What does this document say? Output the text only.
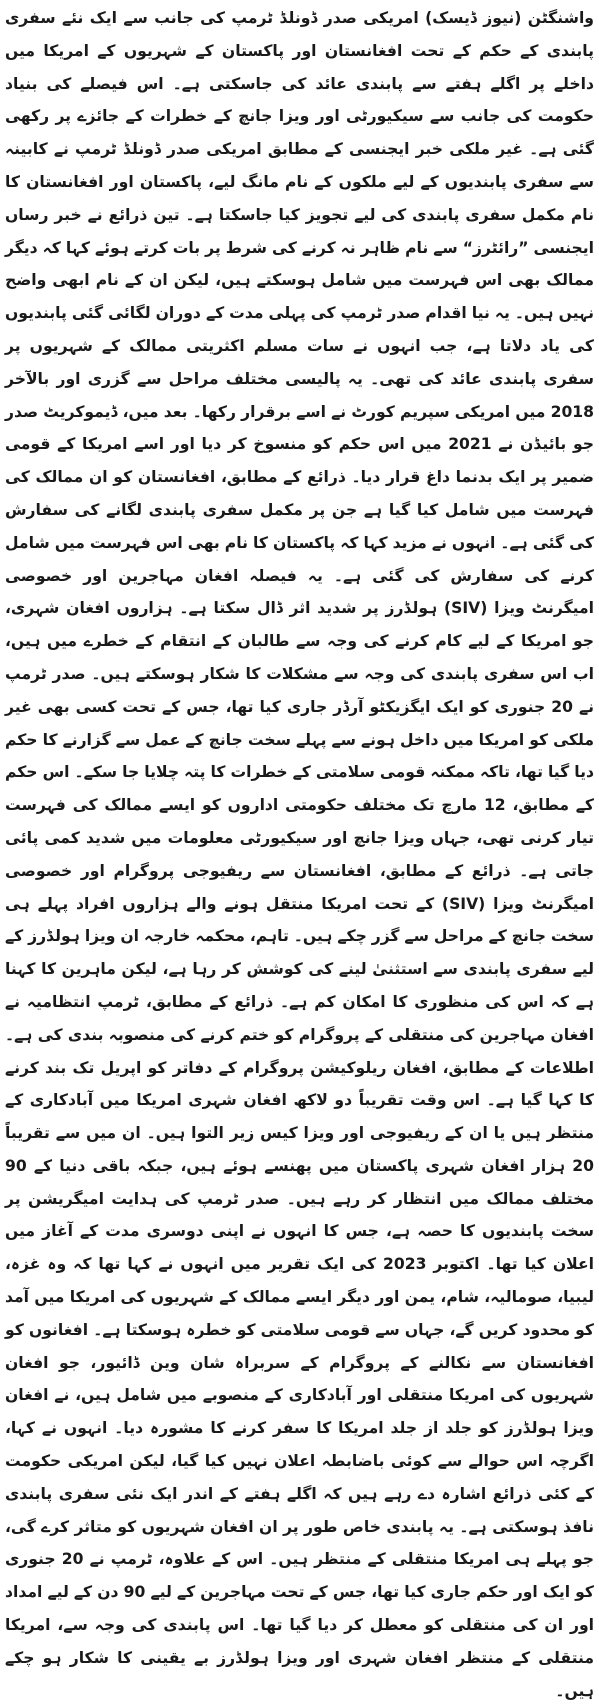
واشنگٹن (نیوز ڈیسک) امریکی صدر ڈونلڈ ٹرمپ کی جانب سے ایک نئے سفری پابندی کے حکم کے تحت افغانستان اور پاکستان کے شہریوں کے امریکا میں داخلے پر اگلے ہفتے سے پابندی عائد کی جاسکتی ہے۔ اس فیصلے کی بنیاد حکومت کی جانب سے سیکیورٹی اور ویزا جانچ کے خطرات کے جائزے پر رکھی گئی ہے۔ غیر ملکی خبر ایجنسی کے مطابق امریکی صدر ڈونلڈ ٹرمپ نے کابینہ سے سفری پابندیوں کے لیے ملکوں کے نام مانگ لیے، پاکستان اور افغانستان کا نام مکمل سفری پابندی کی لیے تجویز کیا جاسکتا ہے۔ تین ذرائع نے خبر رساں ایجنسی ”رائٹرز“ سے نام ظاہر نہ کرنے کی شرط پر بات کرتے ہوئے کہا کہ دیگر ممالک بھی اس فہرست میں شامل ہوسکتے ہیں، لیکن ان کے نام ابھی واضح نہیں ہیں۔ یہ نیا اقدام صدر ٹرمپ کی پہلی مدت کے دوران لگائی گئی پابندیوں کی یاد دلاتا ہے، جب انہوں نے سات مسلم اکثریتی ممالک کے شہریوں پر سفری پابندی عائد کی تھی۔ یہ پالیسی مختلف مراحل سے گزری اور بالآخر 2018 میں امریکی سپریم کورٹ نے اسے برقرار رکھا۔ بعد میں، ڈیموکریٹ صدر جو بائیڈن نے 2021 میں اس حکم کو منسوخ کر دیا اور اسے امریکا کے قومی ضمیر پر ایک بدنما داغ قرار دیا۔ ذرائع کے مطابق، افغانستان کو ان ممالک کی فہرست میں شامل کیا گیا ہے جن پر مکمل سفری پابندی لگانے کی سفارش کی گئی ہے۔ انہوں نے مزید کہا کہ پاکستان کا نام بھی اس فہرست میں شامل کرنے کی سفارش کی گئی ہے۔ یہ فیصلہ افغان مہاجرین اور خصوصی امیگرنٹ ویزا (SIV) ہولڈرز پر شدید اثر ڈال سکتا ہے۔ ہزاروں افغان شہری، جو امریکا کے لیے کام کرنے کی وجہ سے طالبان کے انتقام کے خطرے میں ہیں، اب اس سفری پابندی کی وجہ سے مشکلات کا شکار ہوسکتے ہیں۔ صدر ٹرمپ نے 20 جنوری کو ایک ایگزیکٹو آرڈر جاری کیا تھا، جس کے تحت کسی بھی غیر ملکی کو امریکا میں داخل ہونے سے پہلے سخت جانچ کے عمل سے گزارنے کا حکم دیا گیا تھا، تاکہ ممکنہ قومی سلامتی کے خطرات کا پتہ چلایا جا سکے۔ اس حکم کے مطابق، 12 مارچ تک مختلف حکومتی اداروں کو ایسے ممالک کی فہرست تیار کرنی تھی، جہاں ویزا جانچ اور سیکیورٹی معلومات میں شدید کمی پائی جاتی ہے۔ ذرائع کے مطابق، افغانستان سے ریفیوجی پروگرام اور خصوصی امیگرنٹ ویزا (SIV) کے تحت امریکا منتقل ہونے والے ہزاروں افراد پہلے ہی سخت جانچ کے مراحل سے گزر چکے ہیں۔ تاہم، محکمہ خارجہ ان ویزا ہولڈرز کے لیے سفری پابندی سے استثنیٰ لینے کی کوشش کر رہا ہے، لیکن ماہرین کا کہنا ہے کہ اس کی منظوری کا امکان کم ہے۔ ذرائع کے مطابق، ٹرمپ انتظامیہ نے افغان مہاجرین کی منتقلی کے پروگرام کو ختم کرنے کی منصوبہ بندی کی ہے۔ اطلاعات کے مطابق، افغان ریلوکیشن پروگرام کے دفاتر کو اپریل تک بند کرنے کا کہا گیا ہے۔ اس وقت تقریباً دو لاکھ افغان شہری امریکا میں آبادکاری کے منتظر ہیں یا ان کے ریفیوجی اور ویزا کیس زیر التوا ہیں۔ ان میں سے تقریباً 20 ہزار افغان شہری پاکستان میں پھنسے ہوئے ہیں، جبکہ باقی دنیا کے 90 مختلف ممالک میں انتظار کر رہے ہیں۔ صدر ٹرمپ کی ہدایت امیگریشن پر سخت پابندیوں کا حصہ ہے، جس کا انہوں نے اپنی دوسری مدت کے آغاز میں اعلان کیا تھا۔ اکتوبر 2023 کی ایک تقریر میں انہوں نے کہا تھا کہ وہ غزہ، لیبیا، صومالیہ، شام، یمن اور دیگر ایسے ممالک کے شہریوں کی امریکا میں آمد کو محدود کریں گے، جہاں سے قومی سلامتی کو خطرہ ہوسکتا ہے۔ افغانوں کو افغانستان سے نکالنے کے پروگرام کے سربراہ شان وین ڈائیور، جو افغان شہریوں کی امریکا منتقلی اور آبادکاری کے منصوبے میں شامل ہیں، نے افغان ویزا ہولڈرز کو جلد از جلد امریکا کا سفر کرنے کا مشورہ دیا۔ انہوں نے کہا، اگرچہ اس حوالے سے کوئی باضابطہ اعلان نہیں کیا گیا، لیکن امریکی حکومت کے کئی ذرائع اشارہ دے رہے ہیں کہ اگلے ہفتے کے اندر ایک نئی سفری پابندی نافذ ہوسکتی ہے۔ یہ پابندی خاص طور پر ان افغان شہریوں کو متاثر کرے گی، جو پہلے ہی امریکا منتقلی کے منتظر ہیں۔ اس کے علاوہ، ٹرمپ نے 20 جنوری کو ایک اور حکم جاری کیا تھا، جس کے تحت مہاجرین کے لیے 90 دن کے لیے امداد اور ان کی منتقلی کو معطل کر دیا گیا تھا۔ اس پابندی کی وجہ سے، امریکا منتقلی کے منتظر افغان شہری اور ویزا ہولڈرز بے یقینی کا شکار ہو چکے ہیں۔
